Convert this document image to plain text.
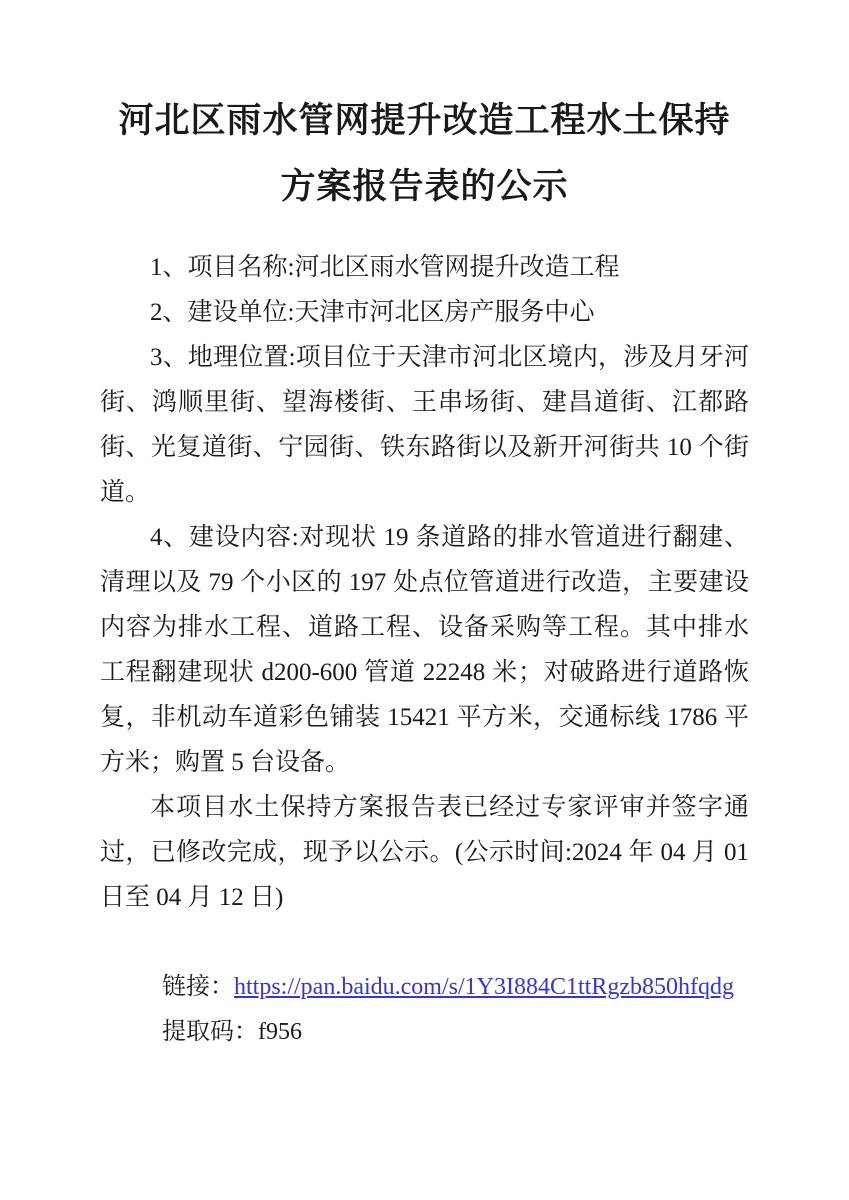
河北区雨水管网提升改造工程水土保持
方案报告表的公示

1、项目名称:河北区雨水管网提升改造工程

2、建设单位:天津市河北区房产服务中心

3、地理位置:项目位于天津市河北区境内，涉及月牙河街、鸿顺里街、望海楼街、王串场街、建昌道街、江都路街、光复道街、宁园街、铁东路街以及新开河街共 10 个街道。

4、建设内容:对现状 19 条道路的排水管道进行翻建、清理以及 79 个小区的 197 处点位管道进行改造，主要建设内容为排水工程、道路工程、设备采购等工程。其中排水工程翻建现状 d200-600 管道 22248 米；对破路进行道路恢复，非机动车道彩色铺装 15421 平方米，交通标线 1786 平方米；购置 5 台设备。

本项目水土保持方案报告表已经过专家评审并签字通过，已修改完成，现予以公示。(公示时间:2024 年 04 月 01 日至 04 月 12 日)

链接：https://pan.baidu.com/s/1Y3I884C1ttRgzb850hfqdg

提取码：f956
